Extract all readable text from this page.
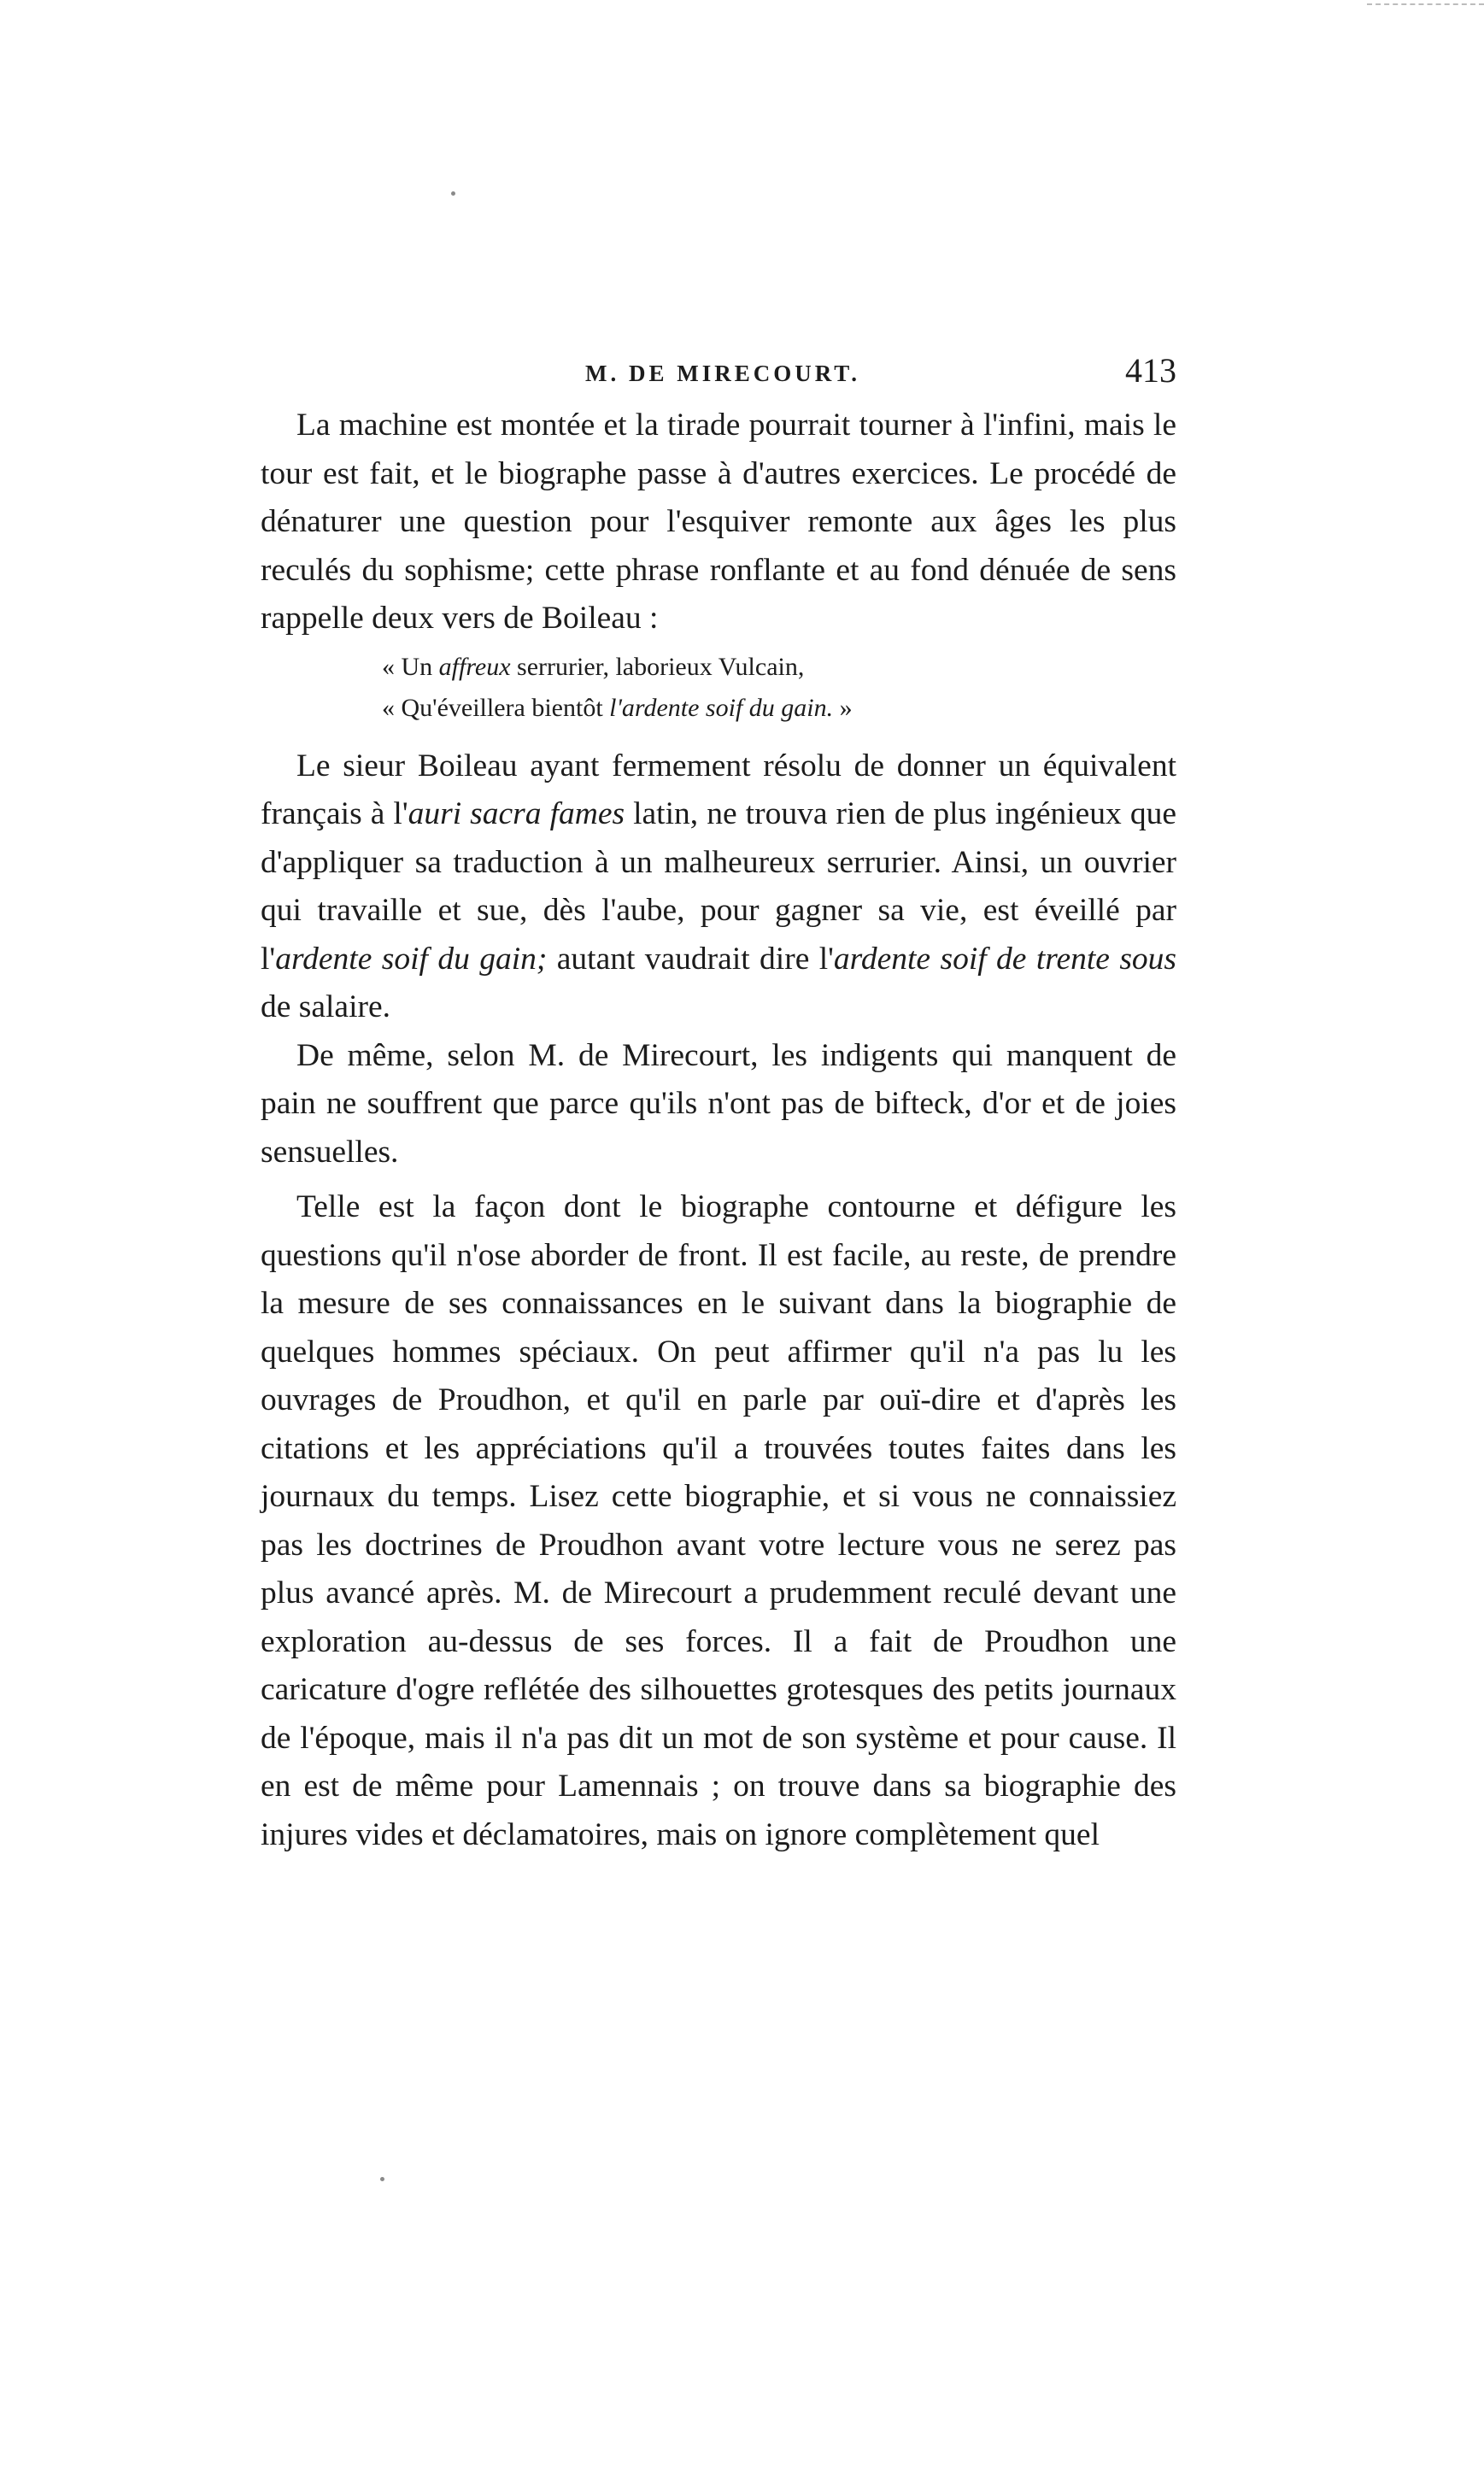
M. DE MIRECOURT.	413

La machine est montée et la tirade pourrait tourner à l'infini, mais le tour est fait, et le biographe passe à d'autres exercices. Le procédé de dénaturer une question pour l'esquiver remonte aux âges les plus reculés du sophisme; cette phrase ronflante et au fond dénuée de sens rappelle deux vers de Boileau :

« Un affreux serrurier, laborieux Vulcain,

« Qu'éveillera bientôt l'ardente soif du gain. »

Le sieur Boileau ayant fermement résolu de donner un équivalent français à l'auri sacra fames latin, ne trouva rien de plus ingénieux que d'appliquer sa traduction à un malheureux serrurier. Ainsi, un ouvrier qui travaille et sue, dès l'aube, pour gagner sa vie, est éveillé par l'ardente soif du gain; autant vaudrait dire l'ardente soif de trente sous de salaire.

De même, selon M. de Mirecourt, les indigents qui manquent de pain ne souffrent que parce qu'ils n'ont pas de bifteck, d'or et de joies sensuelles.

Telle est la façon dont le biographe contourne et défigure les questions qu'il n'ose aborder de front. Il est facile, au reste, de prendre la mesure de ses connaissances en le suivant dans la biographie de quelques hommes spéciaux. On peut affirmer qu'il n'a pas lu les ouvrages de Proudhon, et qu'il en parle par ouï-dire et d'après les citations et les appréciations qu'il a trouvées toutes faites dans les journaux du temps. Lisez cette biographie, et si vous ne connaissiez pas les doctrines de Proudhon avant votre lecture vous ne serez pas plus avancé après. M. de Mirecourt a prudemment reculé devant une exploration au-dessus de ses forces. Il a fait de Proudhon une caricature d'ogre reflétée des silhouettes grotesques des petits journaux de l'époque, mais il n'a pas dit un mot de son système et pour cause. Il en est de même pour Lamennais ; on trouve dans sa biographie des injures vides et déclamatoires, mais on ignore complètement quel
